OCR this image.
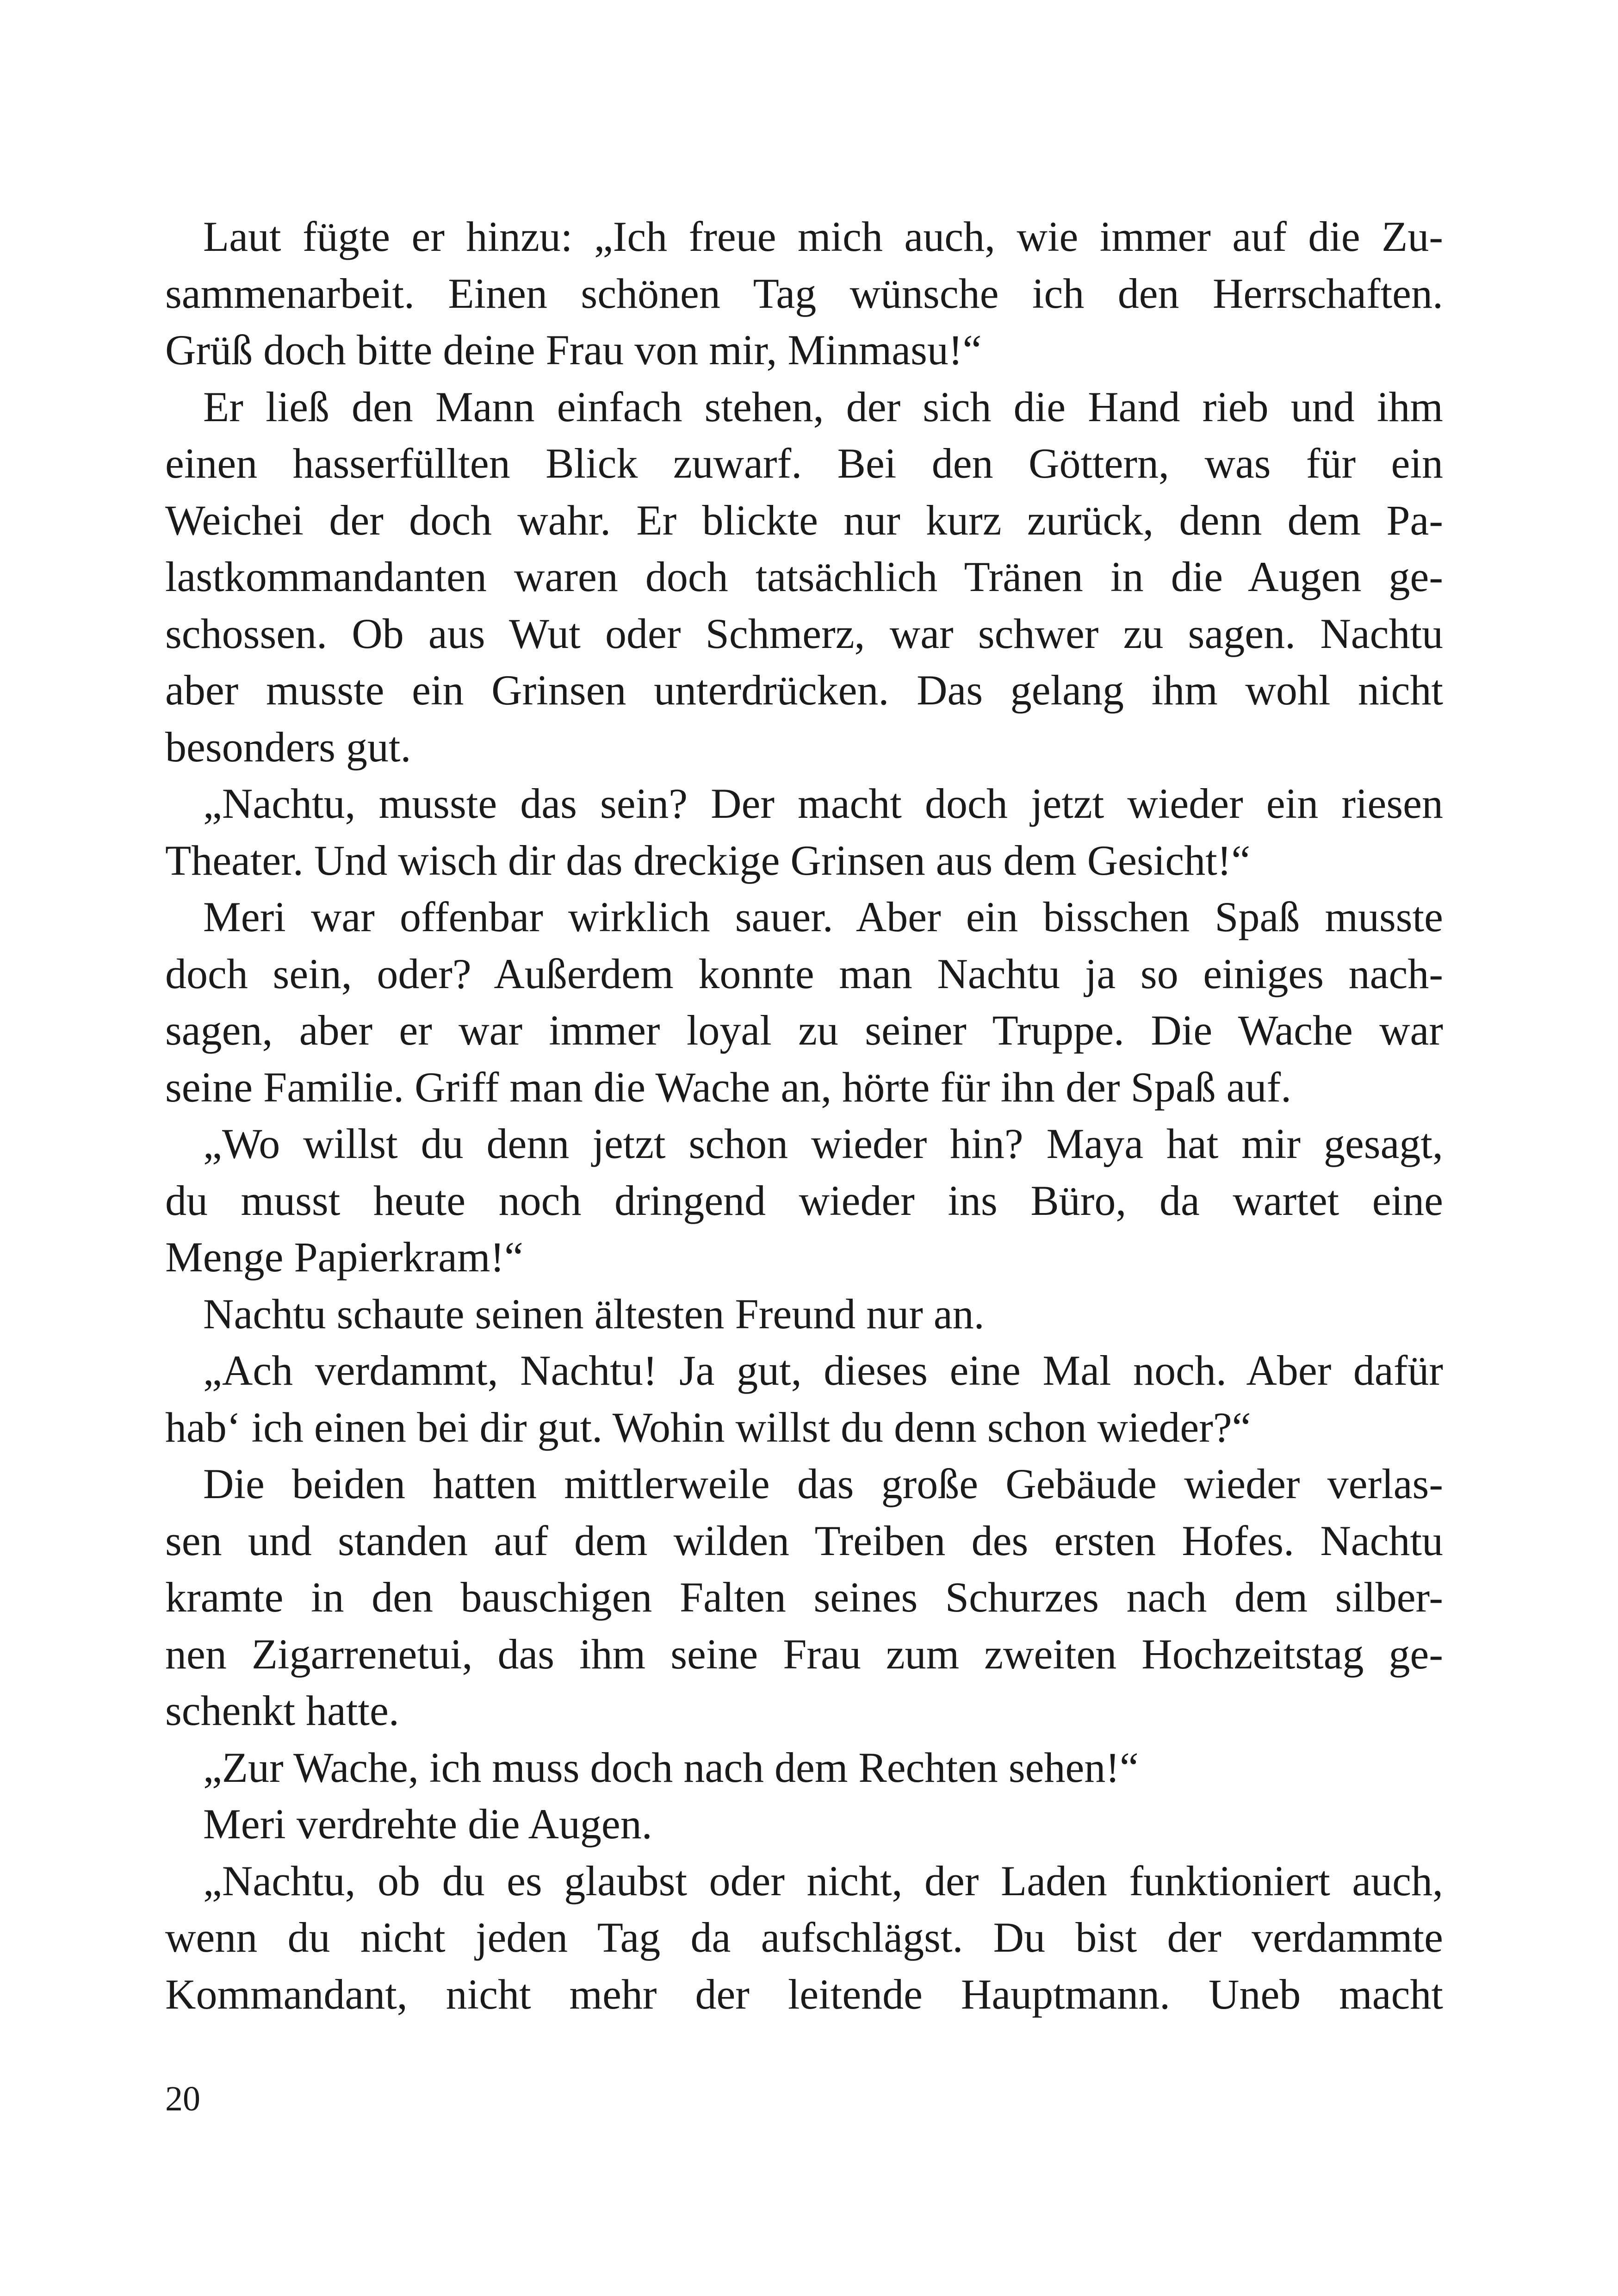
Laut fügte er hinzu: „Ich freue mich auch, wie immer auf die Zu-
sammenarbeit. Einen schönen Tag wünsche ich den Herrschaften.
Grüß doch bitte deine Frau von mir, Minmasu!“
Er ließ den Mann einfach stehen, der sich die Hand rieb und ihm
einen hasserfüllten Blick zuwarf. Bei den Göttern, was für ein
Weichei der doch wahr. Er blickte nur kurz zurück, denn dem Pa-
lastkommandanten waren doch tatsächlich Tränen in die Augen ge-
schossen. Ob aus Wut oder Schmerz, war schwer zu sagen. Nachtu
aber musste ein Grinsen unterdrücken. Das gelang ihm wohl nicht
besonders gut.
„Nachtu, musste das sein? Der macht doch jetzt wieder ein riesen
Theater. Und wisch dir das dreckige Grinsen aus dem Gesicht!“
Meri war offenbar wirklich sauer. Aber ein bisschen Spaß musste
doch sein, oder? Außerdem konnte man Nachtu ja so einiges nach-
sagen, aber er war immer loyal zu seiner Truppe. Die Wache war
seine Familie. Griff man die Wache an, hörte für ihn der Spaß auf.
„Wo willst du denn jetzt schon wieder hin? Maya hat mir gesagt,
du musst heute noch dringend wieder ins Büro, da wartet eine
Menge Papierkram!“
Nachtu schaute seinen ältesten Freund nur an.
„Ach verdammt, Nachtu! Ja gut, dieses eine Mal noch. Aber dafür
hab‘ ich einen bei dir gut. Wohin willst du denn schon wieder?“
Die beiden hatten mittlerweile das große Gebäude wieder verlas-
sen und standen auf dem wilden Treiben des ersten Hofes. Nachtu
kramte in den bauschigen Falten seines Schurzes nach dem silber-
nen Zigarrenetui, das ihm seine Frau zum zweiten Hochzeitstag ge-
schenkt hatte.
„Zur Wache, ich muss doch nach dem Rechten sehen!“
Meri verdrehte die Augen.
„Nachtu, ob du es glaubst oder nicht, der Laden funktioniert auch,
wenn du nicht jeden Tag da aufschlägst. Du bist der verdammte
Kommandant, nicht mehr der leitende Hauptmann. Uneb macht
20
